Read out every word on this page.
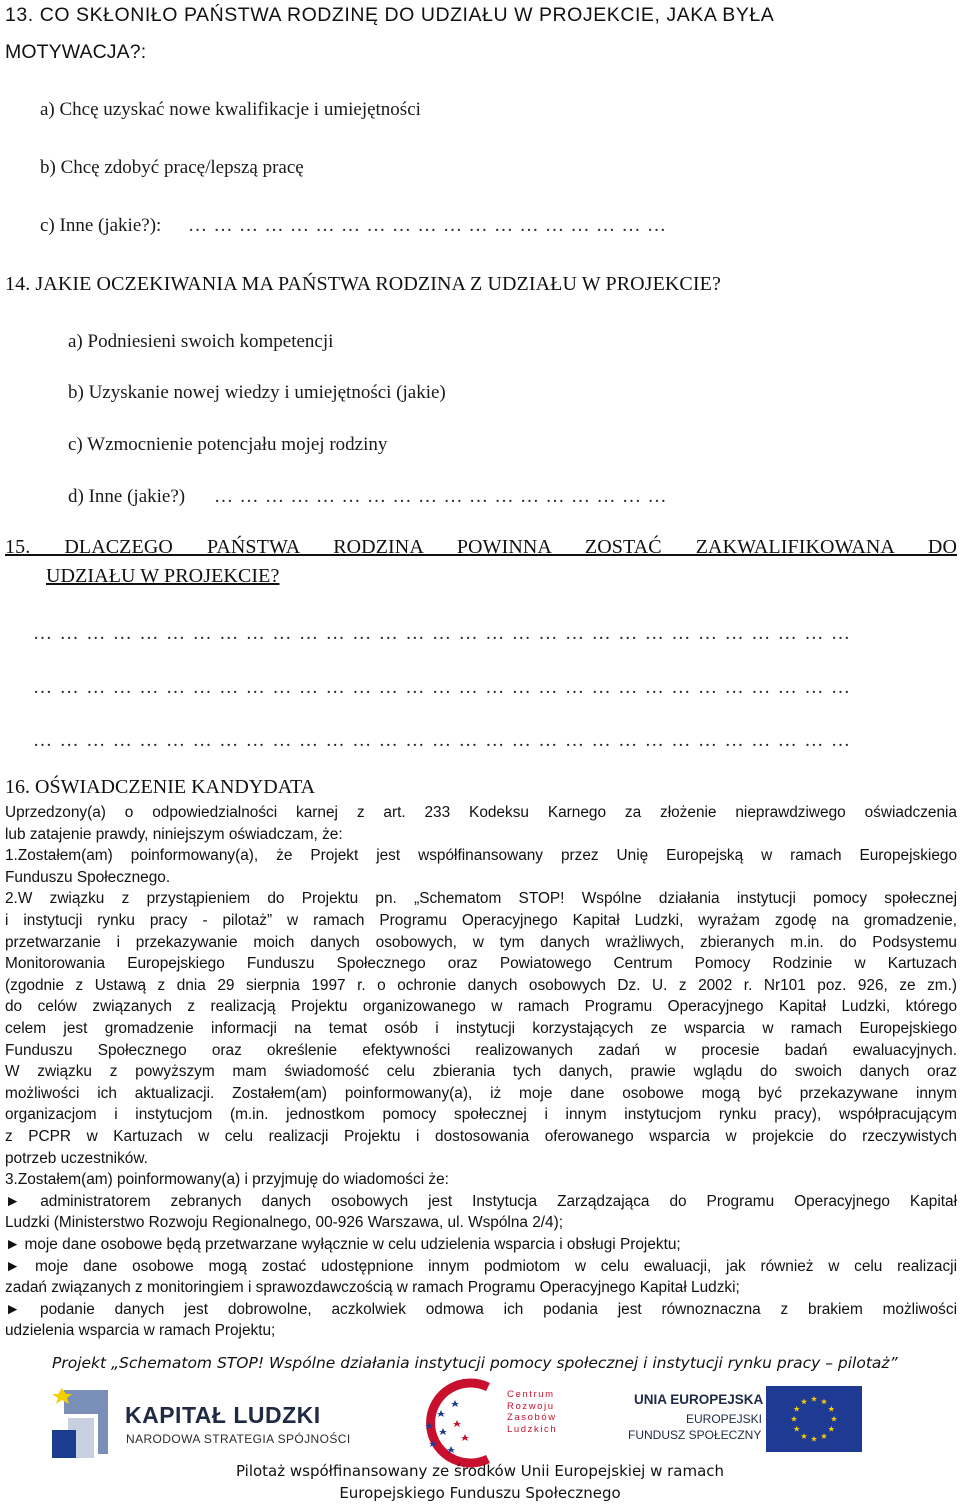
13. CO SKŁONIŁO PAŃSTWA RODZINĘ DO UDZIAŁU W PROJEKCIE, JAKA BYŁA
MOTYWACJA?:
a) Chcę uzyskać nowe kwalifikacje i umiejętności
b) Chcę zdobyć pracę/lepszą pracę
c) Inne (jakie?): …………………………………………………
14. JAKIE OCZEKIWANIA MA PAŃSTWA RODZINA Z UDZIAŁU W PROJEKCIE?
a) Podniesieni swoich kompetencji
b) Uzyskanie nowej wiedzy i umiejętności (jakie)
c) Wzmocnienie potencjału mojej rodziny
d) Inne (jakie?) ………………………………………………
15. DLACZEGO PAŃSTWA RODZINA POWINNA ZOSTAĆ ZAKWALIFIKOWANA DO
UDZIAŁU W PROJEKCIE?
…………………………………………………………………………………
…………………………………………………………………………………
…………………………………………………………………………………
16. OŚWIADCZENIE KANDYDATA
Uprzedzony(a) o odpowiedzialności karnej z art. 233 Kodeksu Karnego za złożenie nieprawdziwego oświadczenia
lub zatajenie prawdy, niniejszym oświadczam, że:
1.Zostałem(am) poinformowany(a), że Projekt jest współfinansowany przez Unię Europejską w ramach Europejskiego
Funduszu Społecznego.
2.W związku z przystąpieniem do Projektu pn. „Schematom STOP! Wspólne działania instytucji pomocy społecznej
i instytucji rynku pracy - pilotaż” w ramach Programu Operacyjnego Kapitał Ludzki, wyrażam zgodę na gromadzenie,
przetwarzanie i przekazywanie moich danych osobowych, w tym danych wrażliwych, zbieranych m.in. do Podsystemu
Monitorowania Europejskiego Funduszu Społecznego oraz Powiatowego Centrum Pomocy Rodzinie w Kartuzach
(zgodnie z Ustawą z dnia 29 sierpnia 1997 r. o ochronie danych osobowych Dz. U. z 2002 r. Nr101 poz. 926, ze zm.)
do celów związanych z realizacją Projektu organizowanego w ramach Programu Operacyjnego Kapitał Ludzki, którego
celem jest gromadzenie informacji na temat osób i instytucji korzystających ze wsparcia w ramach Europejskiego
Funduszu Społecznego oraz określenie efektywności realizowanych zadań w procesie badań ewaluacyjnych.
W związku z powyższym mam świadomość celu zbierania tych danych, prawie wglądu do swoich danych oraz
możliwości ich aktualizacji. Zostałem(am) poinformowany(a), iż moje dane osobowe mogą być przekazywane innym
organizacjom i instytucjom (m.in. jednostkom pomocy społecznej i innym instytucjom rynku pracy), współpracującym
z PCPR w Kartuzach w celu realizacji Projektu i dostosowania oferowanego wsparcia w projekcie do rzeczywistych
potrzeb uczestników.
3.Zostałem(am) poinformowany(a) i przyjmuję do wiadomości że:
► administratorem zebranych danych osobowych jest Instytucja Zarządzająca do Programu Operacyjnego Kapitał
Ludzki (Ministerstwo Rozwoju Regionalnego, 00-926 Warszawa, ul. Wspólna 2/4);
► moje dane osobowe będą przetwarzane wyłącznie w celu udzielenia wsparcia i obsługi Projektu;
► moje dane osobowe mogą zostać udostępnione innym podmiotom w celu ewaluacji, jak również w celu realizacji
zadań związanych z monitoringiem i sprawozdawczością w ramach Programu Operacyjnego Kapitał Ludzki;
► podanie danych jest dobrowolne, aczkolwiek odmowa ich podania jest równoznaczna z brakiem możliwości
udzielenia wsparcia w ramach Projektu;
Projekt „Schematom STOP! Wspólne działania instytucji pomocy społecznej i instytucji rynku pracy – pilotaż”
KAPITAŁ LUDZKI
NARODOWA STRATEGIA SPÓJNOŚCI
Centrum
Rozwoju
Zasobów
Ludzkich
UNIA EUROPEJSKA
EUROPEJSKI
FUNDUSZ SPOŁECZNY
Pilotaż współfinansowany ze środków Unii Europejskiej w ramach
Europejskiego Funduszu Społecznego
